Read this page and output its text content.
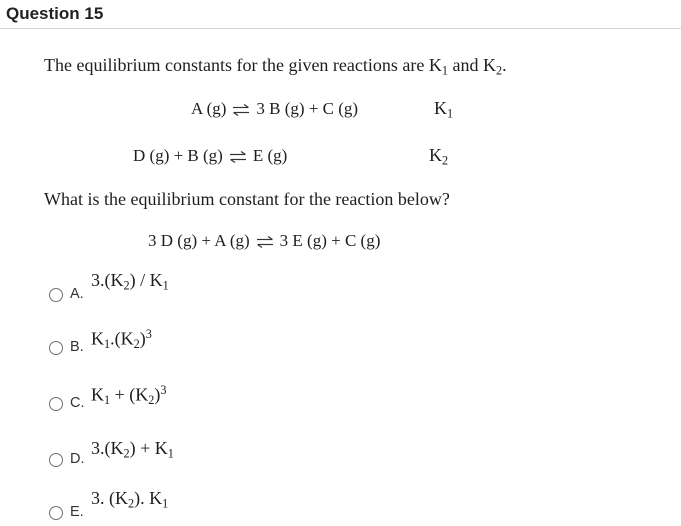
Question 15
The equilibrium constants for the given reactions are $K_1$ and $K_2$.
A (g) ⇌ 3 B (g) + C (g)	$K_1$
D (g) + B (g) ⇌ E (g)	$K_2$
What is the equilibrium constant for the reaction below?
3 D (g) + A (g) ⇌ 3 E (g) + C (g)
A.
$3.(K_2) / K_1$
B. $K_1.(K_2)^3$
C. $K_1 + (K_2)^3$
D.
$3.(K_2) + K_1$
E.
3. $(K_2)$. $K_1$
